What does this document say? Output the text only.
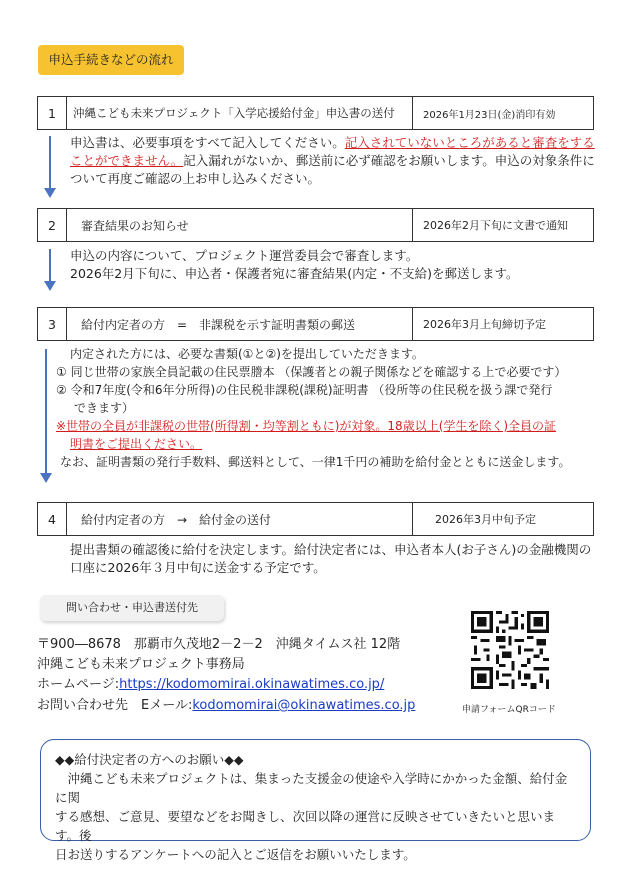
申込手続きなどの流れ
1	沖縄こども未来プロジェクト「入学応援給付金」申込書の送付	2026年1月23日(金)消印有効
申込書は、必要事項をすべて記入してください。記入されていないところがあると審査をする
ことができません。記入漏れがないか、郵送前に必ず確認をお願いします。申込の対象条件に
ついて再度ご確認の上お申し込みください。
2	審査結果のお知らせ	2026年2月下旬に文書で通知
申込の内容について、プロジェクト運営委員会で審査します。
2026年2月下旬に、申込者・保護者宛に審査結果(内定・不支給)を郵送します。
3	給付内定者の方　=　非課税を示す証明書類の郵送	2026年3月上旬締切予定
内定された方には、必要な書類(①と②)を提出していただきます。
① 同じ世帯の家族全員記載の住民票謄本 （保護者との親子関係などを確認する上で必要です）
② 令和7年度(令和6年分所得)の住民税非課税(課税)証明書 （役所等の住民税を扱う課で発行
できます）
※世帯の全員が非課税の世帯(所得割・均等割ともに)が対象。18歳以上(学生を除く)全員の証
明書をご提出ください。
なお、証明書類の発行手数料、郵送料として、一律1千円の補助を給付金とともに送金します。
4	給付内定者の方　→　給付金の送付	2026年3月中旬予定
提出書類の確認後に給付を決定します。給付決定者には、申込者本人(お子さん)の金融機関の
口座に2026年３月中旬に送金する予定です。
問い合わせ・申込書送付先
〒900―8678　那覇市久茂地2－2－2　沖縄タイムス社 12階
沖縄こども未来プロジェクト事務局
ホームページ:https://kodomomirai.okinawatimes.co.jp/
お問い合わせ先　Eメール:kodomomirai@okinawatimes.co.jp	申請フォームQRコード
◆◆給付決定者の方へのお願い◆◆
　沖縄こども未来プロジェクトは、集まった支援金の使途や入学時にかかった金額、給付金に関
する感想、ご意見、要望などをお聞きし、次回以降の運営に反映させていきたいと思います。後
日お送りするアンケートへの記入とご返信をお願いいたします。
